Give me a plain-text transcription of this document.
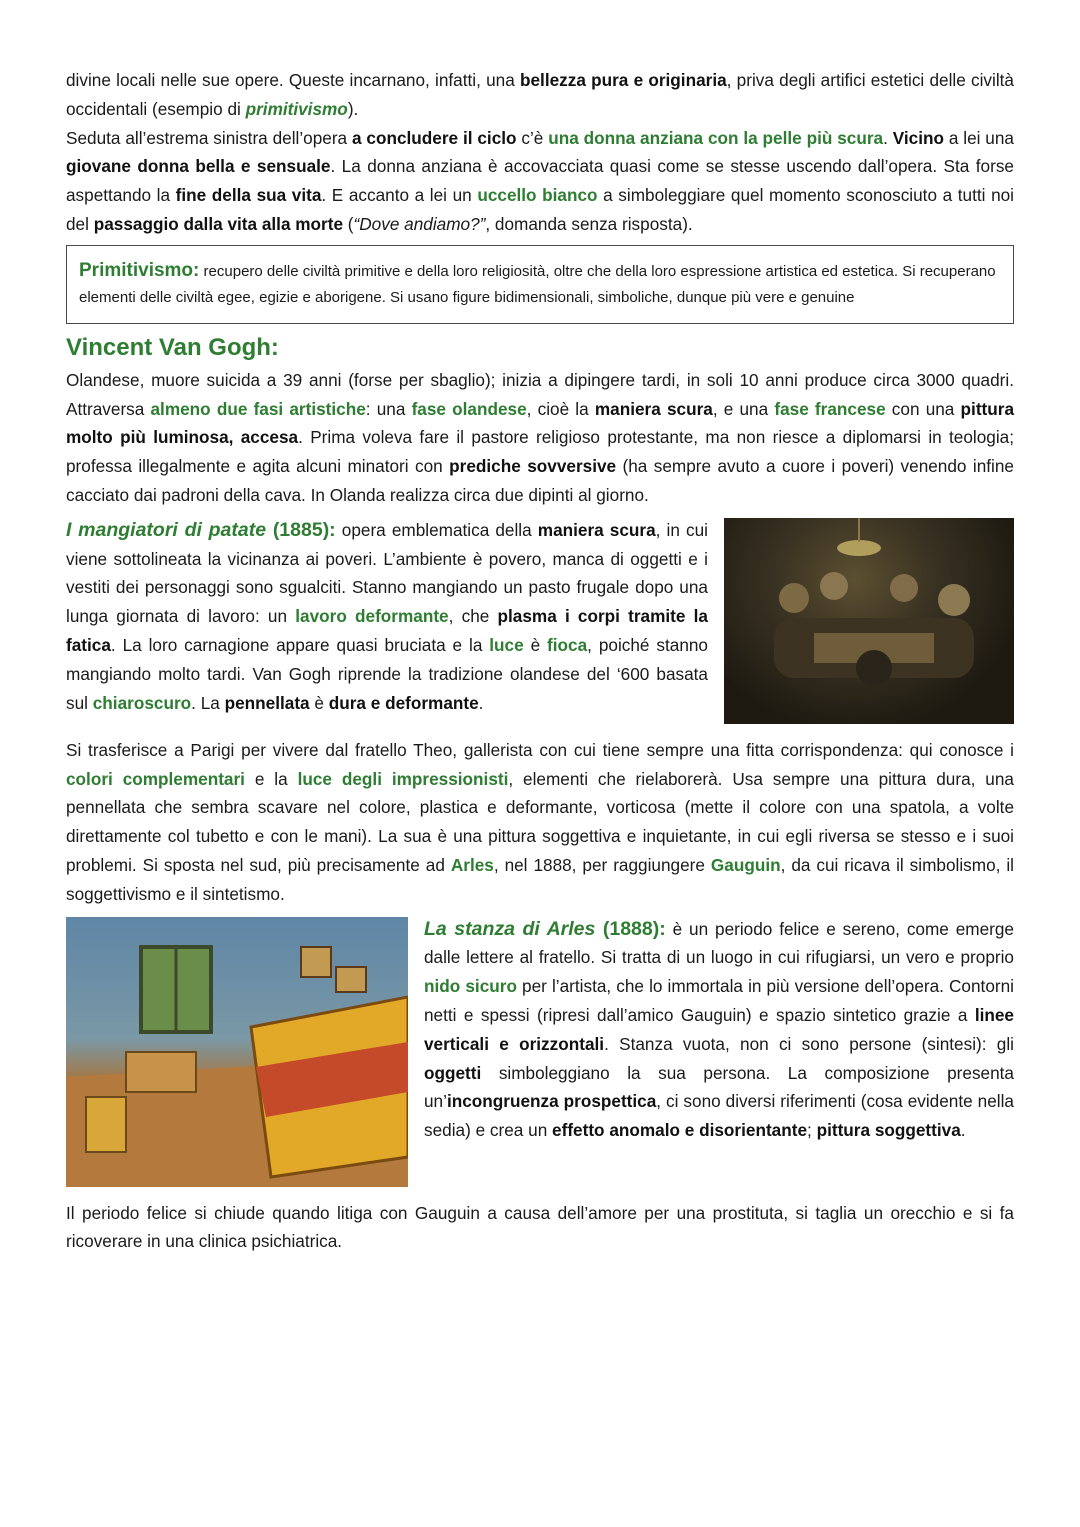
divine locali nelle sue opere. Queste incarnano, infatti, una bellezza pura e originaria, priva degli artifici estetici delle civiltà occidentali (esempio di primitivismo).
Seduta all’estrema sinistra dell’opera a concludere il ciclo c’è una donna anziana con la pelle più scura. Vicino a lei una giovane donna bella e sensuale. La donna anziana è accovacciata quasi come se stesse uscendo dall’opera. Sta forse aspettando la fine della sua vita. E accanto a lei un uccello bianco a simboleggiare quel momento sconosciuto a tutti noi del passaggio dalla vita alla morte (“Dove andiamo?”, domanda senza risposta).

Primitivismo: recupero delle civiltà primitive e della loro religiosità, oltre che della loro espressione artistica ed estetica. Si recuperano elementi delle civiltà egee, egizie e aborigene. Si usano figure bidimensionali, simboliche, dunque più vere e genuine
Vincent Van Gogh:

Olandese, muore suicida a 39 anni (forse per sbaglio); inizia a dipingere tardi, in soli 10 anni produce circa 3000 quadri. Attraversa almeno due fasi artistiche: una fase olandese, cioè la maniera scura, e una fase francese con una pittura molto più luminosa, accesa. Prima voleva fare il pastore religioso protestante, ma non riesce a diplomarsi in teologia; professa illegalmente e agita alcuni minatori con prediche sovversive (ha sempre avuto a cuore i poveri) venendo infine cacciato dai padroni della cava. In Olanda realizza circa due dipinti al giorno.

I mangiatori di patate (1885): opera emblematica della maniera scura, in cui viene sottolineata la vicinanza ai poveri. L’ambiente è povero, manca di oggetti e i vestiti dei personaggi sono sgualciti. Stanno mangiando un pasto frugale dopo una lunga giornata di lavoro: un lavoro deformante, che plasma i corpi tramite la fatica. La loro carnagione appare quasi bruciata e la luce è fioca, poiché stanno mangiando molto tardi. Van Gogh riprende la tradizione olandese del ‘600 basata sul chiaroscuro. La pennellata è dura e deformante.

Si trasferisce a Parigi per vivere dal fratello Theo, gallerista con cui tiene sempre una fitta corrispondenza: qui conosce i colori complementari e la luce degli impressionisti, elementi che rielaborerà. Usa sempre una pittura dura, una pennellata che sembra scavare nel colore, plastica e deformante, vorticosa (mette il colore con una spatola, a volte direttamente col tubetto e con le mani). La sua è una pittura soggettiva e inquietante, in cui egli riversa se stesso e i suoi problemi. Si sposta nel sud, più precisamente ad Arles, nel 1888, per raggiungere Gauguin, da cui ricava il simbolismo, il soggettivismo e il sintetismo.

La stanza di Arles (1888): è un periodo felice e sereno, come emerge dalle lettere al fratello. Si tratta di un luogo in cui rifugiarsi, un vero e proprio nido sicuro per l’artista, che lo immortala in più versione dell’opera. Contorni netti e spessi (ripresi dall’amico Gauguin) e spazio sintetico grazie a linee verticali e orizzontali. Stanza vuota, non ci sono persone (sintesi): gli oggetti simboleggiano la sua persona. La composizione presenta un’incongruenza prospettica, ci sono diversi riferimenti (cosa evidente nella sedia) e crea un effetto anomalo e disorientante; pittura soggettiva.

Il periodo felice si chiude quando litiga con Gauguin a causa dell’amore per una prostituta, si taglia un orecchio e si fa ricoverare in una clinica psichiatrica.
